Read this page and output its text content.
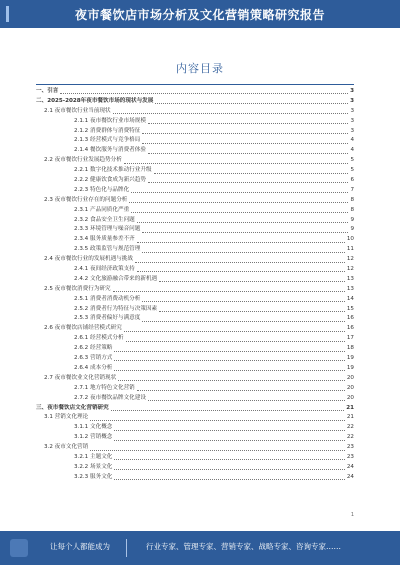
夜市餐饮店市场分析及文化营销策略研究报告
内容目录
一、引言	3
二、2025-2028年夜市餐饮市场的现状与发展	3
2.1 夜市餐饮行业当前现状	3
2.1.1 夜市餐饮行业市场规模	3
2.1.2 消费群体与消费特征	3
2.1.3 经营模式与竞争格局	4
2.1.4 餐饮服务与消费者体验	4
2.2 夜市餐饮行业发展趋势分析	5
2.2.1 数字化技术推动行业升级	5
2.2.2 健康饮食成为新兴趋势	6
2.2.3 特色化与品牌化	7
2.3 夜市餐饮行业存在的问题分析	8
2.3.1 产品同质化严重	8
2.3.2 食品安全卫生问题	9
2.3.3 环境管理与噪音问题	9
2.3.4 服务质量参差不齐	10
2.3.5 政策监管与规范管理	11
2.4 夜市餐饮行业的发展机遇与挑战	12
2.4.1 夜间经济政策支持	12
2.4.2 文化旅游融合带来的新机遇	13
2.5 夜市餐饮消费行为研究	13
2.5.1 消费者消费动机分析	14
2.5.2 消费者行为特征与决策因素	15
2.5.3 消费者偏好与满意度	16
2.6 夜市餐饮店铺经营模式研究	16
2.6.1 经营模式分析	17
2.6.2 经营策略	18
2.6.3 营销方式	19
2.6.4 成本分析	19
2.7 夜市餐饮业文化营销现状	20
2.7.1 地方特色文化营销	20
2.7.2 夜市餐饮品牌文化建设	20
三、夜市餐饮店文化营销研究	21
3.1 营销文化理论	21
3.1.1 文化概念	22
3.1.2 营销概念	22
3.2 夜市文化营销	23
3.2.1 主题文化	23
3.2.2 场景文化	24
3.2.3 服务文化	24
1
让每个人都能成为	行业专家、管理专家、营销专家、战略专家、咨询专家……
